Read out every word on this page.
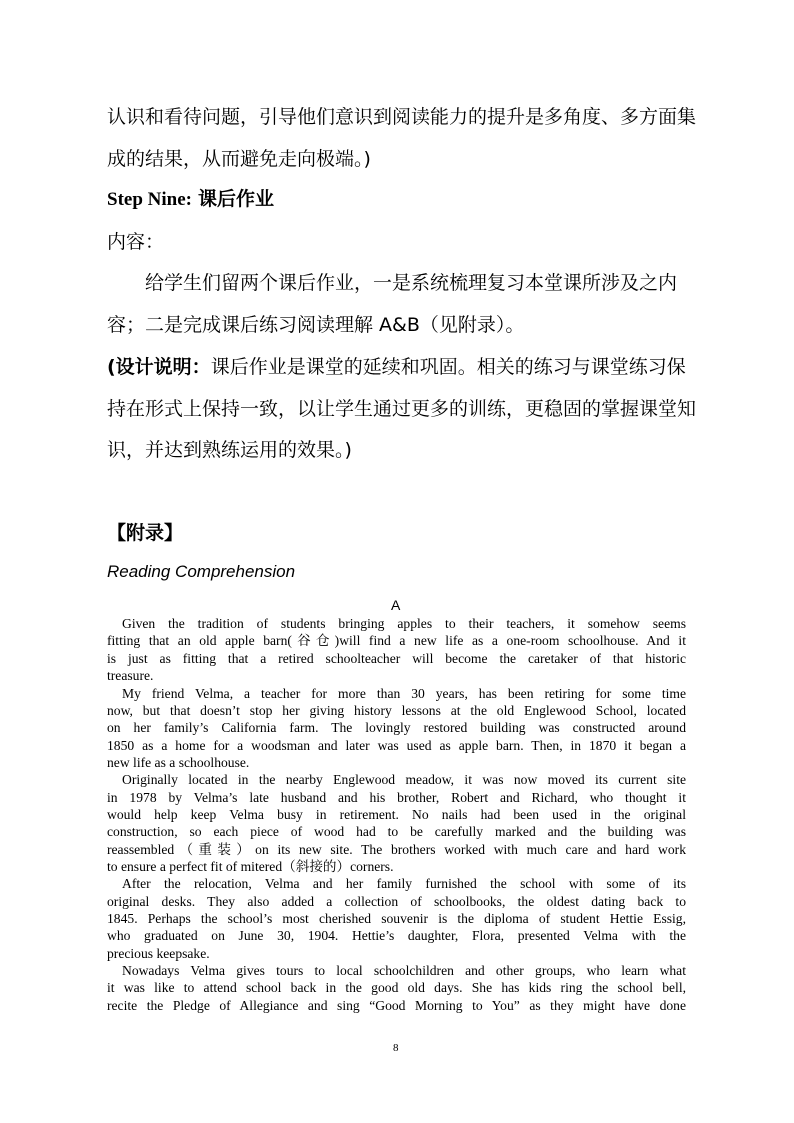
认识和看待问题，引导他们意识到阅读能力的提升是多角度、多方面集
成的结果，从而避免走向极端。)
Step Nine: 课后作业
内容：
给学生们留两个课后作业，一是系统梳理复习本堂课所涉及之内
容；二是完成课后练习阅读理解 A&B（见附录）。
(设计说明：课后作业是课堂的延续和巩固。相关的练习与课堂练习保
持在形式上保持一致，以让学生通过更多的训练，更稳固的掌握课堂知
识，并达到熟练运用的效果。)
【附录】
Reading Comprehension
A
Given the tradition of students bringing apples to their teachers, it somehow seems
fitting that an old apple barn(谷仓)will find a new life as a one-room schoolhouse. And it
is just as fitting that a retired schoolteacher will become the caretaker of that historic
treasure.
My friend Velma, a teacher for more than 30 years, has been retiring for some time
now, but that doesn’t stop her giving history lessons at the old Englewood School, located
on her family’s California farm. The lovingly restored building was constructed around
1850 as a home for a woodsman and later was used as apple barn. Then, in 1870 it began a
new life as a schoolhouse.
Originally located in the nearby Englewood meadow, it was now moved its current site
in 1978 by Velma’s late husband and his brother, Robert and Richard, who thought it
would help keep Velma busy in retirement. No nails had been used in the original
construction, so each piece of wood had to be carefully marked and the building was
reassembled（重装）on its new site. The brothers worked with much care and hard work
to ensure a perfect fit of mitered（斜接的）corners.
After the relocation, Velma and her family furnished the school with some of its
original desks. They also added a collection of schoolbooks, the oldest dating back to
1845. Perhaps the school’s most cherished souvenir is the diploma of student Hettie Essig,
who graduated on June 30, 1904. Hettie’s daughter, Flora, presented Velma with the
precious keepsake.
Nowadays Velma gives tours to local schoolchildren and other groups, who learn what
it was like to attend school back in the good old days. She has kids ring the school bell,
recite the Pledge of Allegiance and sing “Good Morning to You” as they might have done
8
